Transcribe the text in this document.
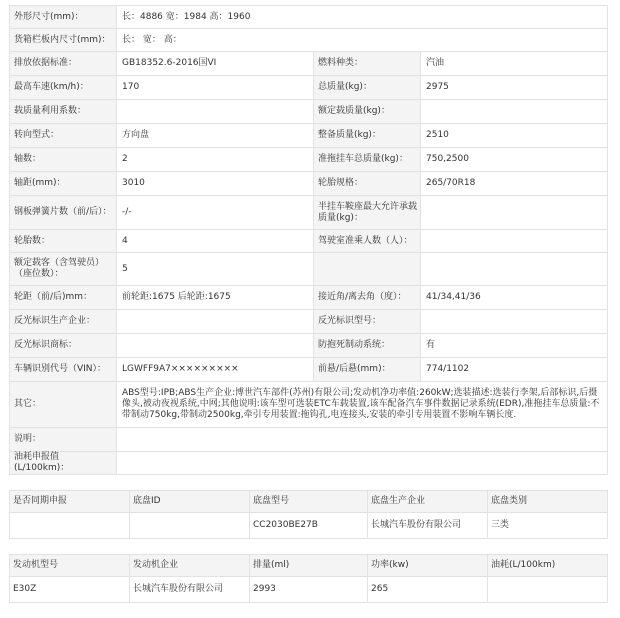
外形尺寸(mm)：	长：4886 宽：1984 高：1960		
货箱栏板内尺寸(mm)：	长： 宽： 高：		
排放依据标准：	GB18352.6-2016国VI	燃料种类：	汽油
最高车速(km/h)：	170	总质量(kg)：	2975
载质量利用系数：		额定载质量(kg)：	
转向型式：	方向盘	整备质量(kg)：	2510
轴数：	2	准拖挂车总质量(kg)：	750,2500
轴距(mm)：	3010	轮胎规格：	265/70R18
钢板弹簧片数（前/后）：	-/-	半挂车鞍座最大允许承载质量(kg)：	
轮胎数：	4	驾驶室准乘人数（人）：	
额定载客（含驾驶员）（座位数）：	5		
轮距（前/后)mm：	前轮距:1675 后轮距:1675	接近角/离去角（度）：	41/34,41/36
反光标识生产企业：		反光标识型号：	
反光标识商标：		防抱死制动系统：	有
车辆识别代号（VIN）：	LGWFF9A7×××××××××	前悬/后悬(mm)：	774/1102
其它：	ABS型号:IPB;ABS生产企业:博世汽车部件(苏州)有限公司;发动机净功率值:260kW;选装描述:选装行李架,后部标识,后摄像头,被动夜视系统,中网;其他说明:该车型可选装ETC车载装置,该车配备汽车事件数据记录系统(EDR),准拖挂车总质量:不带制动750kg,带制动2500kg,牵引专用装置:拖钩孔,电连接头,安装的牵引专用装置不影响车辆长度.		
说明：			
油耗申报值(L/100km)：			
是否同期申报	底盘ID	底盘型号	底盘生产企业	底盘类别
		CC2030BE27B	长城汽车股份有限公司	三类
发动机型号	发动机企业	排量(ml)	功率(kw)	油耗(L/100km)
E30Z	长城汽车股份有限公司	2993	265	
